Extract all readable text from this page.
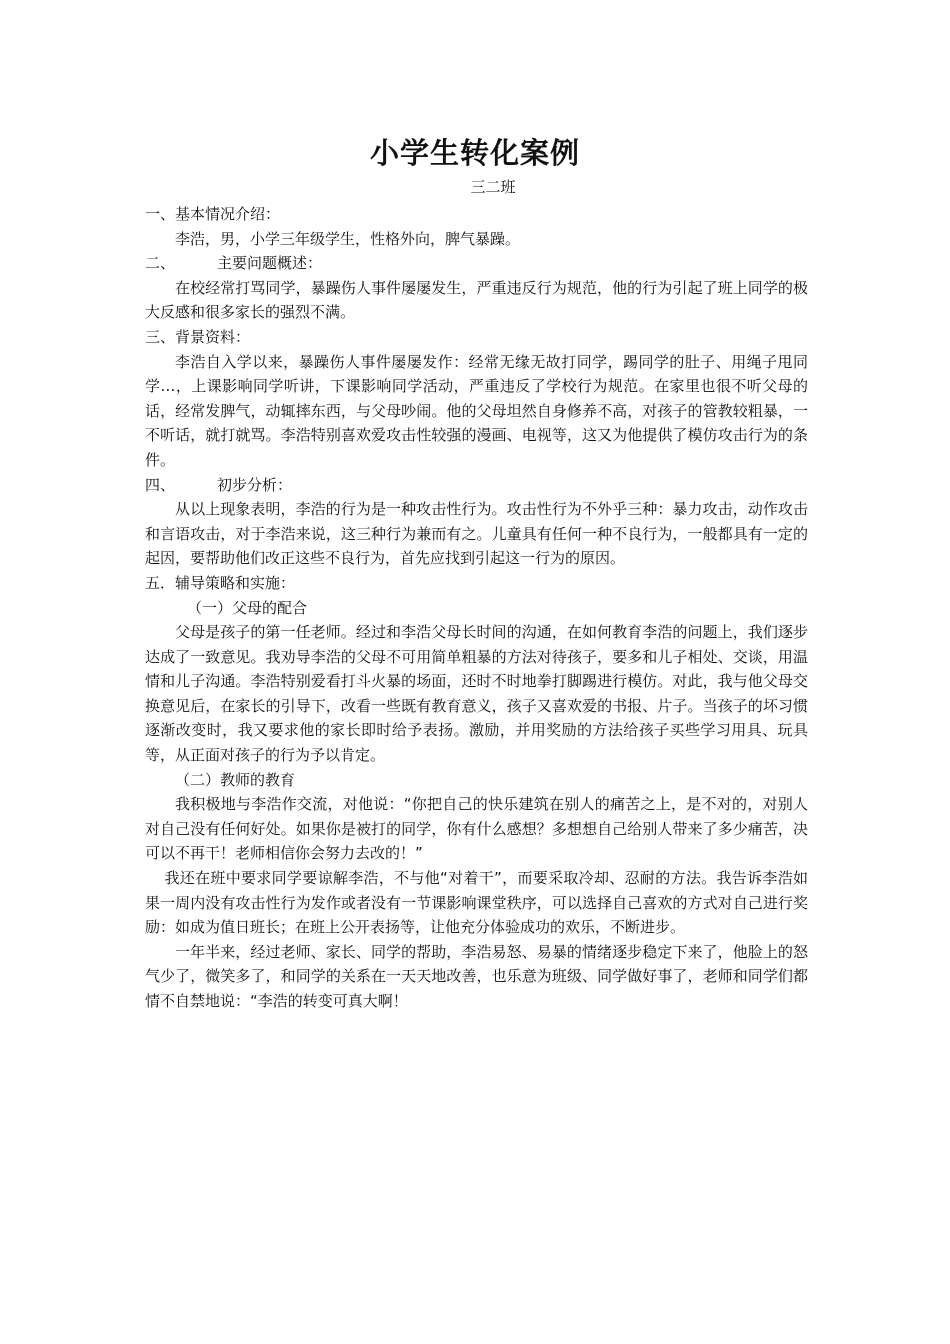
小学生转化案例
三二班

一、基本情况介绍：

李浩，男，小学三年级学生，性格外向，脾气暴躁。

二、	主要问题概述：

在校经常打骂同学，暴躁伤人事件屡屡发生，严重违反行为规范，他的行为引起了班上同学的极大反感和很多家长的强烈不满。

三、背景资料：

李浩自入学以来，暴躁伤人事件屡屡发作：经常无缘无故打同学，踢同学的肚子、用绳子甩同学…，上课影响同学听讲，下课影响同学活动，严重违反了学校行为规范。在家里也很不听父母的话，经常发脾气，动辄摔东西，与父母吵闹。他的父母坦然自身修养不高，对孩子的管教较粗暴，一不听话，就打就骂。李浩特别喜欢爱攻击性较强的漫画、电视等，这又为他提供了模仿攻击行为的条件。

四、	初步分析：

从以上现象表明，李浩的行为是一种攻击性行为。攻击性行为不外乎三种：暴力攻击，动作攻击和言语攻击，对于李浩来说，这三种行为兼而有之。儿童具有任何一种不良行为，一般都具有一定的起因，要帮助他们改正这些不良行为，首先应找到引起这一行为的原因。

五．辅导策略和实施：

（一）父母的配合

父母是孩子的第一任老师。经过和李浩父母长时间的沟通，在如何教育李浩的问题上，我们逐步达成了一致意见。我劝导李浩的父母不可用简单粗暴的方法对待孩子，要多和儿子相处、交谈，用温情和儿子沟通。李浩特别爱看打斗火暴的场面，还时不时地拳打脚踢进行模仿。对此，我与他父母交换意见后，在家长的引导下，改看一些既有教育意义，孩子又喜欢爱的书报、片子。当孩子的坏习惯逐渐改变时，我又要求他的家长即时给予表扬。激励，并用奖励的方法给孩子买些学习用具、玩具等，从正面对孩子的行为予以肯定。

（二）教师的教育

我积极地与李浩作交流，对他说：“你把自己的快乐建筑在别人的痛苦之上，是不对的，对别人对自己没有任何好处。如果你是被打的同学，你有什么感想？多想想自己给别人带来了多少痛苦，决可以不再干！老师相信你会努力去改的！”

我还在班中要求同学要谅解李浩，不与他“对着干”，而要采取冷却、忍耐的方法。我告诉李浩如果一周内没有攻击性行为发作或者没有一节课影响课堂秩序，可以选择自己喜欢的方式对自己进行奖励：如成为值日班长；在班上公开表扬等，让他充分体验成功的欢乐，不断进步。

一年半来，经过老师、家长、同学的帮助，李浩易怒、易暴的情绪逐步稳定下来了，他脸上的怒气少了，微笑多了，和同学的关系在一天天地改善，也乐意为班级、同学做好事了，老师和同学们都情不自禁地说：“李浩的转变可真大啊！
